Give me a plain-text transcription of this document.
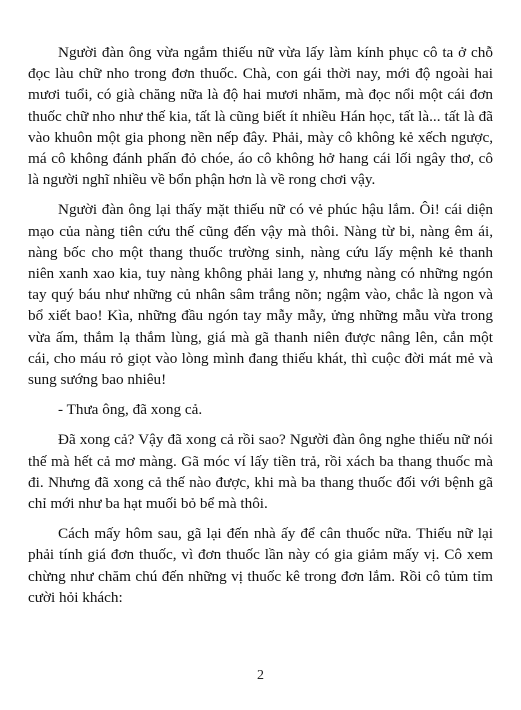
Người đàn ông vừa ngắm thiếu nữ vừa lấy làm kính phục cô ta ở chỗ đọc làu chữ nho trong đơn thuốc. Chà, con gái thời nay, mới độ ngoài hai mươi tuổi, có già chăng nữa là độ hai mươi nhăm, mà đọc nổi một cái đơn thuốc chữ nho như thế kia, tất là cũng biết ít nhiều Hán học, tất là... tất là đã vào khuôn một gia phong nền nếp đây. Phải, mày cô không kẻ xếch ngược, má cô không đánh phấn đỏ chóe, áo cô không hở hang cái lối ngây thơ, cô là người nghĩ nhiều về bổn phận hơn là về rong chơi vậy.

Người đàn ông lại thấy mặt thiếu nữ có vẻ phúc hậu lắm. Ôi! cái diện mạo của nàng tiên cứu thế cũng đến vậy mà thôi. Nàng từ bi, nàng êm ái, nàng bốc cho một thang thuốc trường sinh, nàng cứu lấy mệnh kẻ thanh niên xanh xao kia, tuy nàng không phải lang y, nhưng nàng có những ngón tay quý báu như những củ nhân sâm trắng nõn; ngậm vào, chắc là ngon và bổ xiết bao! Kìa, những đầu ngón tay mẫy mẫy, ửng những mẫu vừa trong vừa ấm, thắm lạ thắm lùng, giá mà gã thanh niên được nâng lên, cắn một cái, cho máu rỏ giọt vào lòng mình đang thiếu khát, thì cuộc đời mát mẻ và sung sướng bao nhiêu!

- Thưa ông, đã xong cả.

Đã xong cả? Vậy đã xong cả rồi sao? Người đàn ông nghe thiếu nữ nói thế mà hết cả mơ màng. Gã móc ví lấy tiền trả, rồi xách ba thang thuốc mà đi. Nhưng đã xong cả thế nào được, khi mà ba thang thuốc đối với bệnh gã chỉ mới như ba hạt muối bỏ bể mà thôi.

Cách mấy hôm sau, gã lại đến nhà ấy để cân thuốc nữa. Thiếu nữ lại phải tính giá đơn thuốc, vì đơn thuốc lần này có gia giảm mấy vị. Cô xem chừng như chăm chú đến những vị thuốc kê trong đơn lắm. Rồi cô tủm tỉm cười hỏi khách:

2
